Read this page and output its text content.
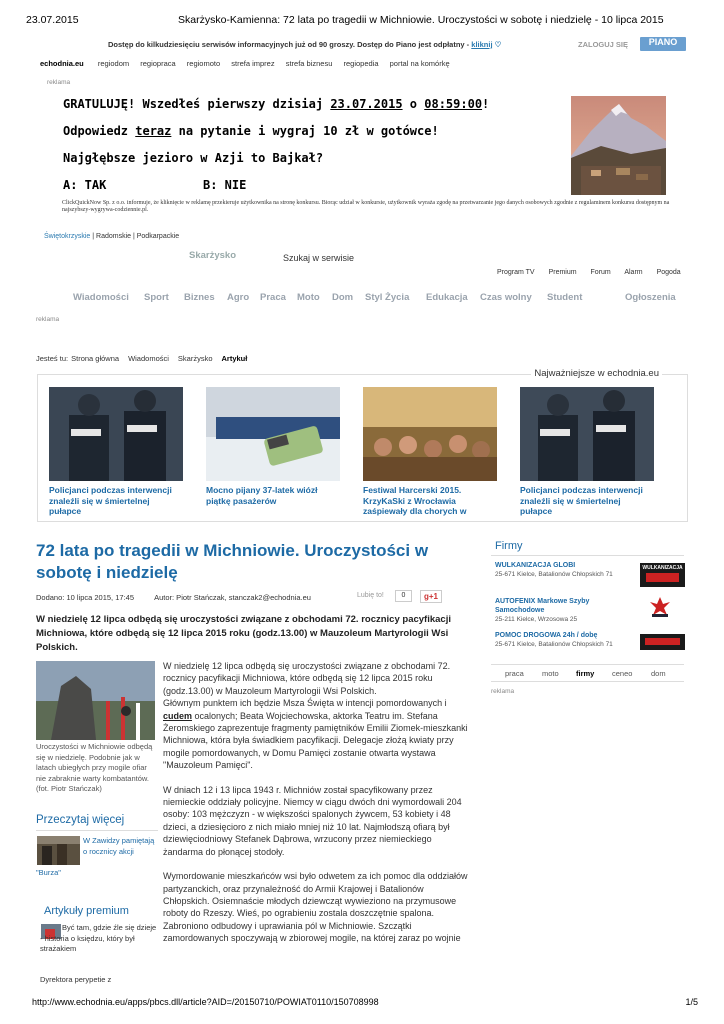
23.07.2015	Skarżysko-Kamienna: 72 lata po tragedii w Michniowie. Uroczystości w sobotę i niedzielę - 10 lipca 2015
Dostęp do kilkudziesięciu serwisów informacyjnych już od 90 groszy. Dostęp do Piano jest odpłatny - kliknij ♡	ZALOGUJ SIĘ	PIANO
echodnia.eu regiodom regiopraca regiomoto strefa imprez strefa biznesu regiopedia portal na komórkę
reklama
GRATULUJĘ! Wszedłeś pierwszy dzisiaj 23.07.2015 o 08:59:00!
Odpowiedz teraz na pytanie i wygraj 10 zł w gotówce!
Najgłębsze jezioro w Azji to Bajkał?
A: TAK	B: NIE
ClickQuickNow Sp. z o.o. informuje, że kliknięcie w reklamę przekieruje użytkownika na stronę konkursu. Biorąc udział w konkursie, użytkownik wyraża zgodę na przetwarzanie jego danych osobowych zgodnie z regulaminem konkursu dostępnym na najszybszy-wygrywa-codziennie.pl.
Świętokrzyskie | Radomskie | Podkarpackie
Skarżysko	Szukaj w serwisie
Program TV Premium Forum Alarm Pogoda
Wiadomości Sport Biznes Agro Praca Moto Dom Styl Życia Edukacja Czas wolny Student	Ogłoszenia
reklama
Jesteś tu: Strona główna Wiadomości Skarżysko Artykuł
Najważniejsze w echodnia.eu
Policjanci podczas interwencji znaleźli się w śmiertelnej pułapce
Mocno pijany 37-latek wiózł piątkę pasażerów
Festiwal Harcerski 2015. KrzyKaSki z Wrocławia zaśpiewały dla chorych w
Policjanci podczas interwencji znaleźli się w śmiertelnej pułapce
72 lata po tragedii w Michniowie. Uroczystości w sobotę i niedzielę
Dodano: 10 lipca 2015, 17:45	Autor: Piotr Stańczak, stanczak2@echodnia.eu	Lubię to!	0	g+1
W niedzielę 12 lipca odbędą się uroczystości związane z obchodami 72. rocznicy pacyfikacji Michniowa, które odbędą się 12 lipca 2015 roku (godz.13.00) w Mauzoleum Martyrologii Wsi Polskich.
Uroczystości w Michniowie odbędą się w niedzielę. Podobnie jak w latach ubiegłych przy mogile ofiar nie zabraknie warty kombatantów. (fot. Piotr Stańczak)

W niedzielę 12 lipca odbędą się uroczystości związane z obchodami 72. rocznicy pacyfikacji Michniowa, które odbędą się 12 lipca 2015 roku (godz.13.00) w Mauzoleum Martyrologii Wsi Polskich.
Głównym punktem ich będzie Msza Święta w intencji pomordowanych i cudem ocalonych; Beata Wojciechowska, aktorka Teatru im. Stefana Żeromskiego zaprezentuje fragmenty pamiętników Emilii Ziomek-mieszkanki Michniowa, która była świadkiem pacyfikacji. Delegacje złożą kwiaty przy mogile pomordowanych, w Domu Pamięci zostanie otwarta wystawa "Mauzoleum Pamięci".

W dniach 12 i 13 lipca 1943 r. Michniów został spacyfikowany przez niemieckie oddziały policyjne. Niemcy w ciągu dwóch dni wymordowali 204 osoby: 103 mężczyzn - w większości spalonych żywcem, 53 kobiety i 48 dzieci, a dziesięcioro z nich miało mniej niż 10 lat. Najmłodszą ofiarą był dziewięciodniowy Stefanek Dąbrowa, wrzucony przez niemieckiego żandarma do płonącej stodoły.

Wymordowanie mieszkańców wsi było odwetem za ich pomoc dla oddziałów partyzanckich, oraz przynależność do Armii Krajowej i Batalionów Chłopskich. Osiemnaście młodych dziewcząt wywieziono na przymusowe roboty do Rzeszy. Wieś, po ograbieniu zostala doszczętnie spalona. Zabroniono odbudowy i uprawiania pól w Michniowie. Szczątki zamordowanych spoczywają w zbiorowej mogile, na której zaraz po wojnie

Przeczytaj więcej
W Zawidzy pamiętają o rocznicy akcji
"Burza"
Artykuły premium
Być tam, gdzie źle się dzieje - historia o księdzu, który był strażakiem
Dyrektora perypetie z
Firmy
WULKANIZACJA GLOBI
25-671 Kielce, Batalionów Chłopskich 71
WULKANIZACJA
AUTOFENIX Markowe Szyby Samochodowe
25-211 Kielce, Wrzosowa 25
POMOC DROGOWA 24h / dobę
25-671 Kielce, Batalionów Chłopskich 71
praca moto firmy ceneo dom
reklama
http://www.echodnia.eu/apps/pbcs.dll/article?AID=/20150710/POWIAT0110/150708998	1/5
